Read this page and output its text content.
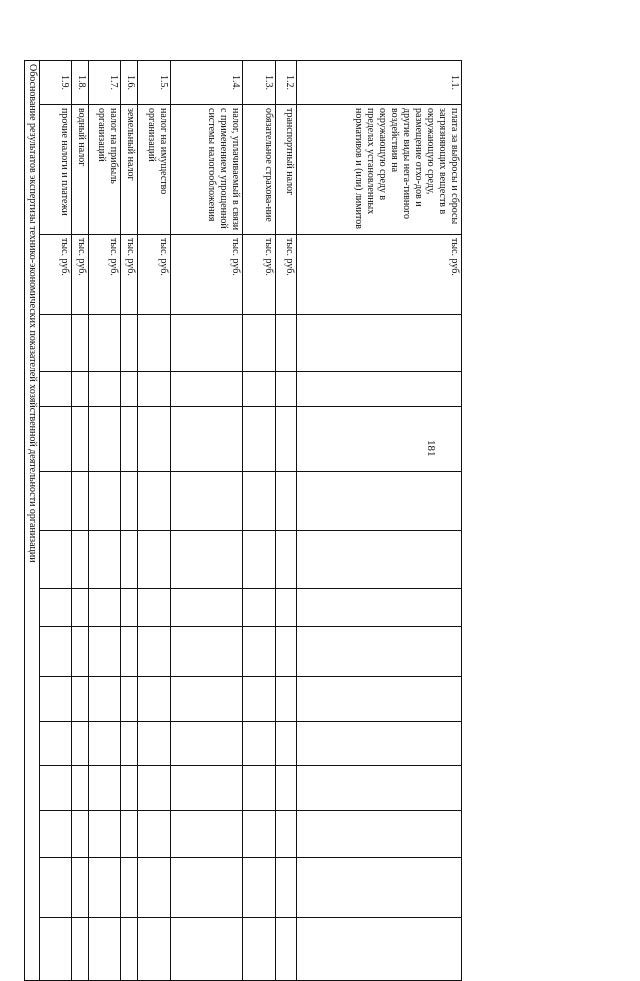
181
1.1.	плата за выбросы и сбросы загрязняющих веществ в окружающую среду, размещение отхо-дов и другие виды нега-тивного воздействия на окружающую среду в пределах установленных нормативов и (или) лимитов	тыс. руб.													
1.2.	транспортный налог	тыс. руб.													
1.3.	обязательное страхова-ние	тыс. руб.													
1.4.	налог, уплачиваемый в связи с применением упрощенной системы налогообложения	тыс. руб.													
1.5.	налог на имущество организаций	тыс. руб.													
1.6.	земельный налог	тыс. руб.													
1.7.	налог на прибыль организаций	тыс. руб.													
1.8.	водный налог	тыс. руб.													
1.9.	прочие налоги и платежи	тыс. руб.													
Обоснование результатов экспертизы технико-экономических показателей хозяйственной деятельности организации															
